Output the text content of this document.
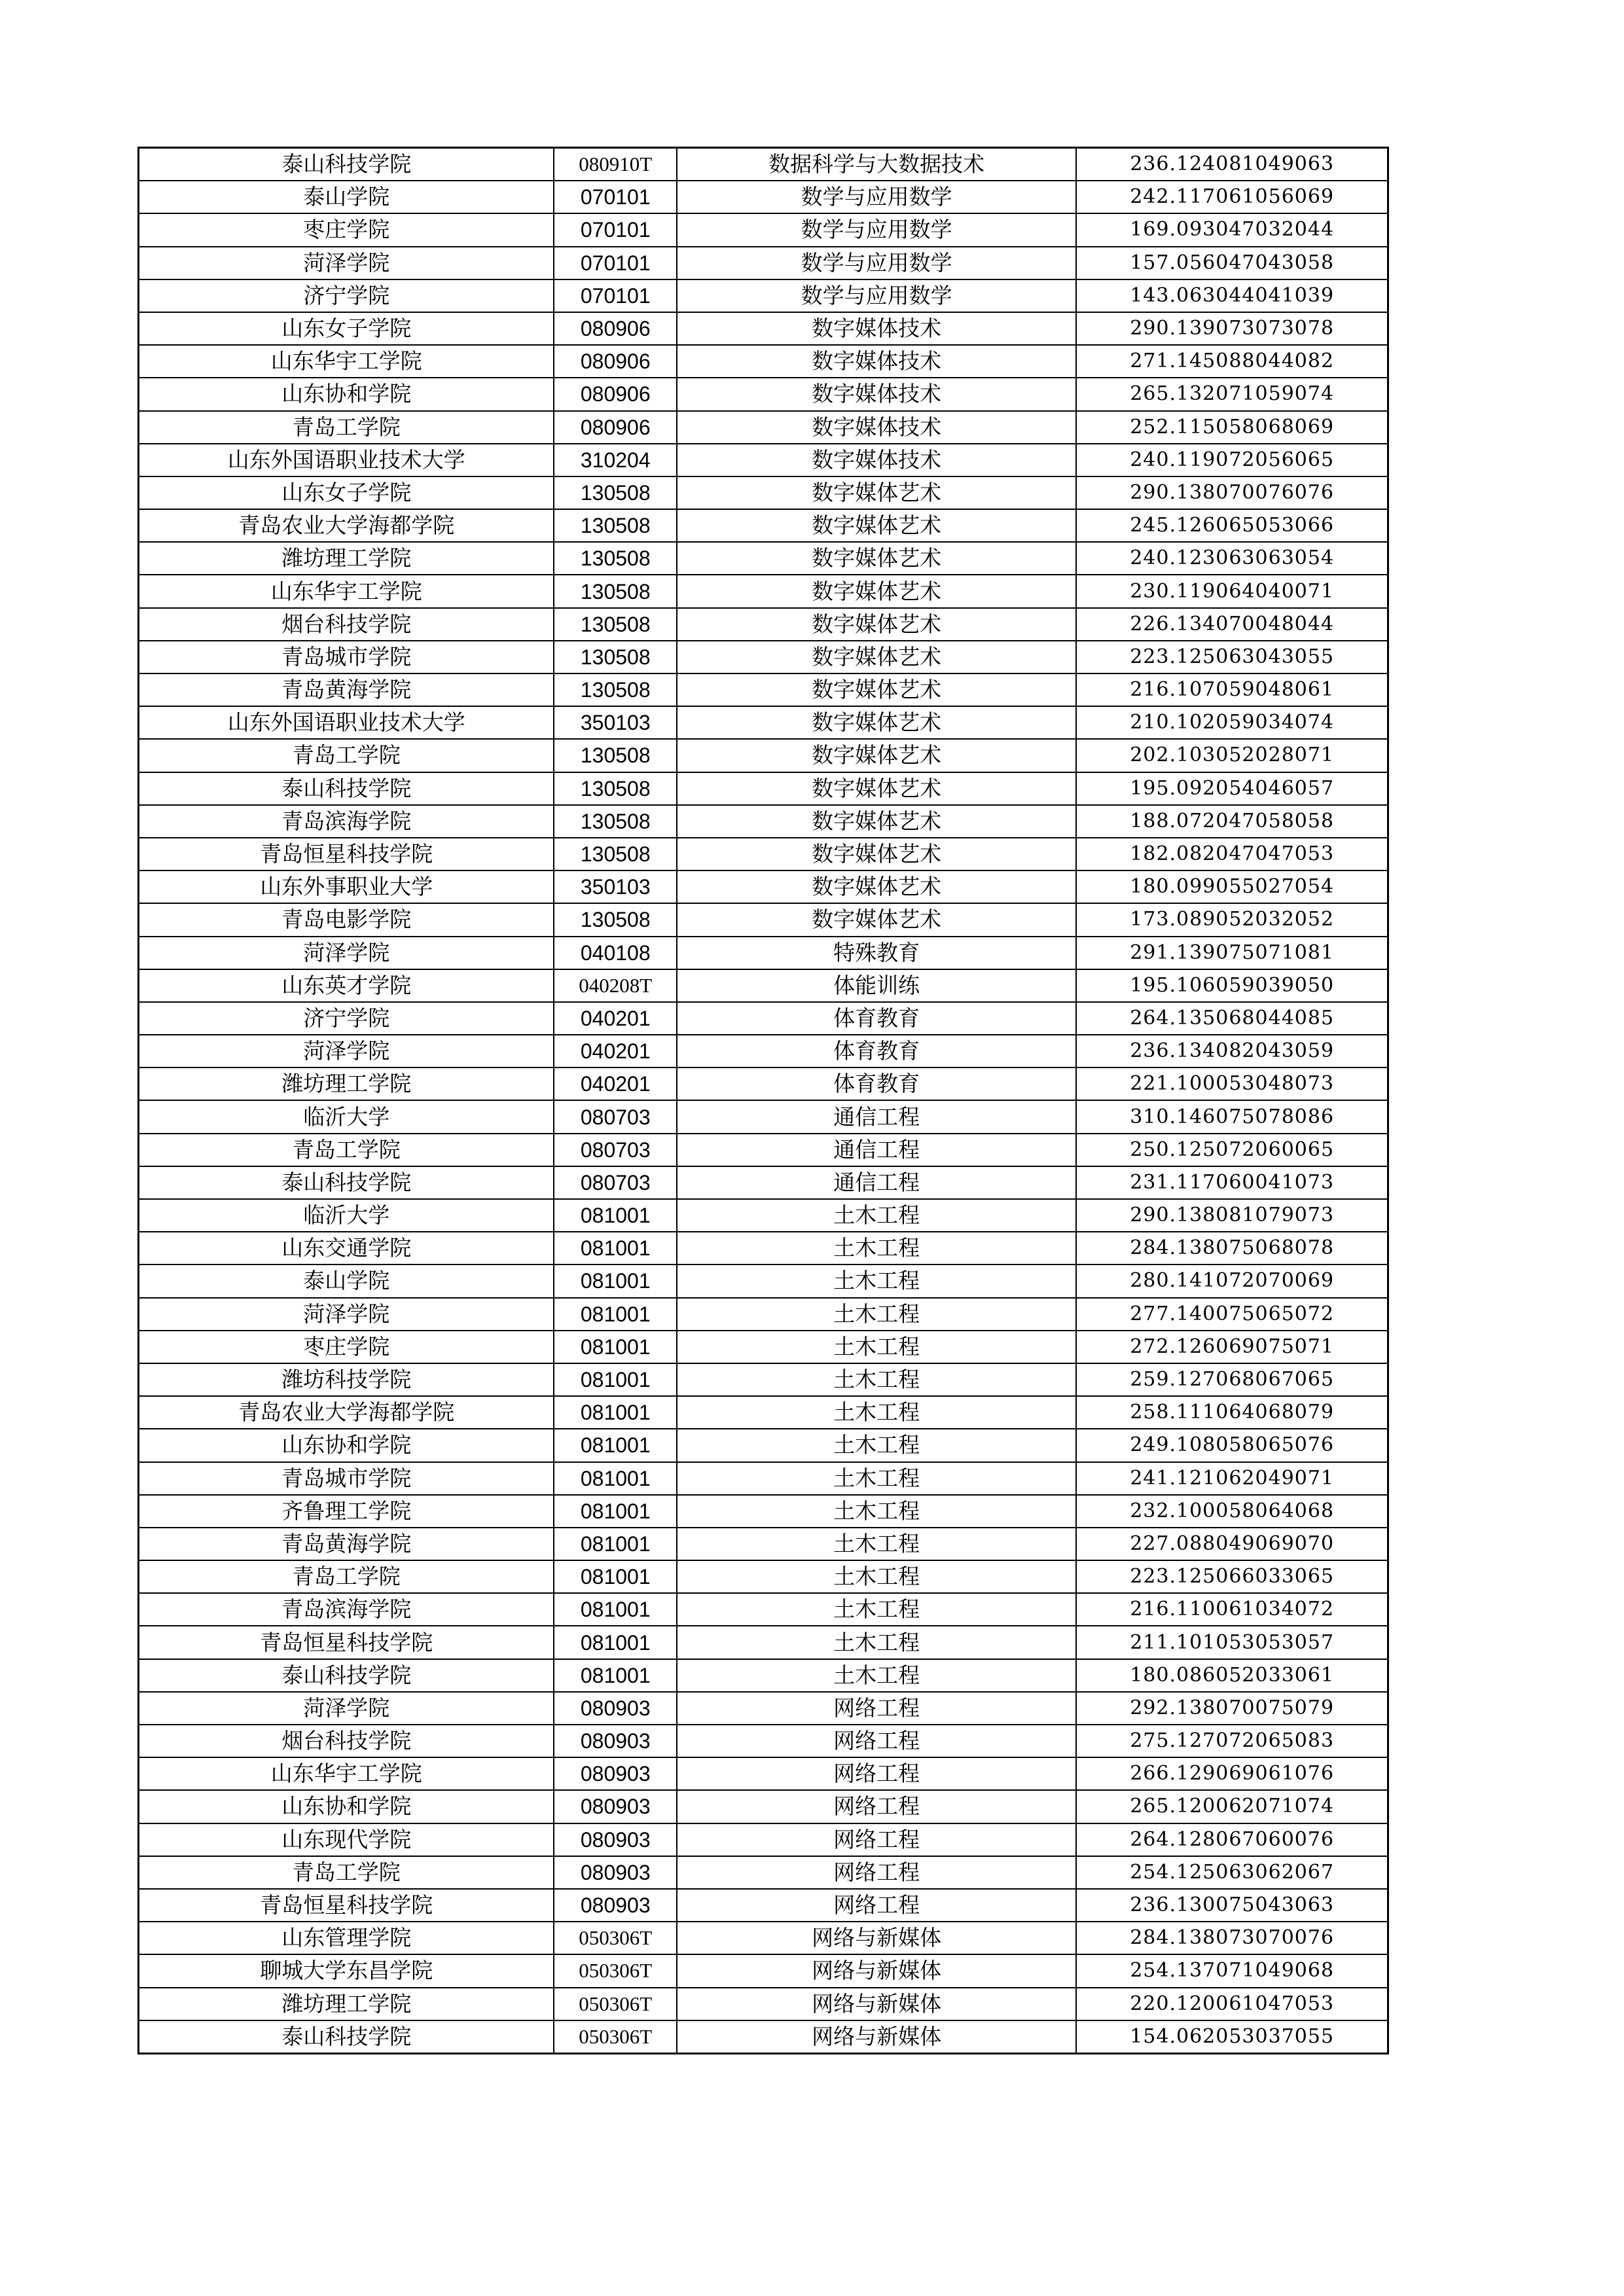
泰山科技学院	080910T	数据科学与大数据技术	236.124081049063
泰山学院	070101	数学与应用数学	242.117061056069
枣庄学院	070101	数学与应用数学	169.093047032044
菏泽学院	070101	数学与应用数学	157.056047043058
济宁学院	070101	数学与应用数学	143.063044041039
山东女子学院	080906	数字媒体技术	290.139073073078
山东华宇工学院	080906	数字媒体技术	271.145088044082
山东协和学院	080906	数字媒体技术	265.132071059074
青岛工学院	080906	数字媒体技术	252.115058068069
山东外国语职业技术大学	310204	数字媒体技术	240.119072056065
山东女子学院	130508	数字媒体艺术	290.138070076076
青岛农业大学海都学院	130508	数字媒体艺术	245.126065053066
潍坊理工学院	130508	数字媒体艺术	240.123063063054
山东华宇工学院	130508	数字媒体艺术	230.119064040071
烟台科技学院	130508	数字媒体艺术	226.134070048044
青岛城市学院	130508	数字媒体艺术	223.125063043055
青岛黄海学院	130508	数字媒体艺术	216.107059048061
山东外国语职业技术大学	350103	数字媒体艺术	210.102059034074
青岛工学院	130508	数字媒体艺术	202.103052028071
泰山科技学院	130508	数字媒体艺术	195.092054046057
青岛滨海学院	130508	数字媒体艺术	188.072047058058
青岛恒星科技学院	130508	数字媒体艺术	182.082047047053
山东外事职业大学	350103	数字媒体艺术	180.099055027054
青岛电影学院	130508	数字媒体艺术	173.089052032052
菏泽学院	040108	特殊教育	291.139075071081
山东英才学院	040208T	体能训练	195.106059039050
济宁学院	040201	体育教育	264.135068044085
菏泽学院	040201	体育教育	236.134082043059
潍坊理工学院	040201	体育教育	221.100053048073
临沂大学	080703	通信工程	310.146075078086
青岛工学院	080703	通信工程	250.125072060065
泰山科技学院	080703	通信工程	231.117060041073
临沂大学	081001	土木工程	290.138081079073
山东交通学院	081001	土木工程	284.138075068078
泰山学院	081001	土木工程	280.141072070069
菏泽学院	081001	土木工程	277.140075065072
枣庄学院	081001	土木工程	272.126069075071
潍坊科技学院	081001	土木工程	259.127068067065
青岛农业大学海都学院	081001	土木工程	258.111064068079
山东协和学院	081001	土木工程	249.108058065076
青岛城市学院	081001	土木工程	241.121062049071
齐鲁理工学院	081001	土木工程	232.100058064068
青岛黄海学院	081001	土木工程	227.088049069070
青岛工学院	081001	土木工程	223.125066033065
青岛滨海学院	081001	土木工程	216.110061034072
青岛恒星科技学院	081001	土木工程	211.101053053057
泰山科技学院	081001	土木工程	180.086052033061
菏泽学院	080903	网络工程	292.138070075079
烟台科技学院	080903	网络工程	275.127072065083
山东华宇工学院	080903	网络工程	266.129069061076
山东协和学院	080903	网络工程	265.120062071074
山东现代学院	080903	网络工程	264.128067060076
青岛工学院	080903	网络工程	254.125063062067
青岛恒星科技学院	080903	网络工程	236.130075043063
山东管理学院	050306T	网络与新媒体	284.138073070076
聊城大学东昌学院	050306T	网络与新媒体	254.137071049068
潍坊理工学院	050306T	网络与新媒体	220.120061047053
泰山科技学院	050306T	网络与新媒体	154.062053037055
